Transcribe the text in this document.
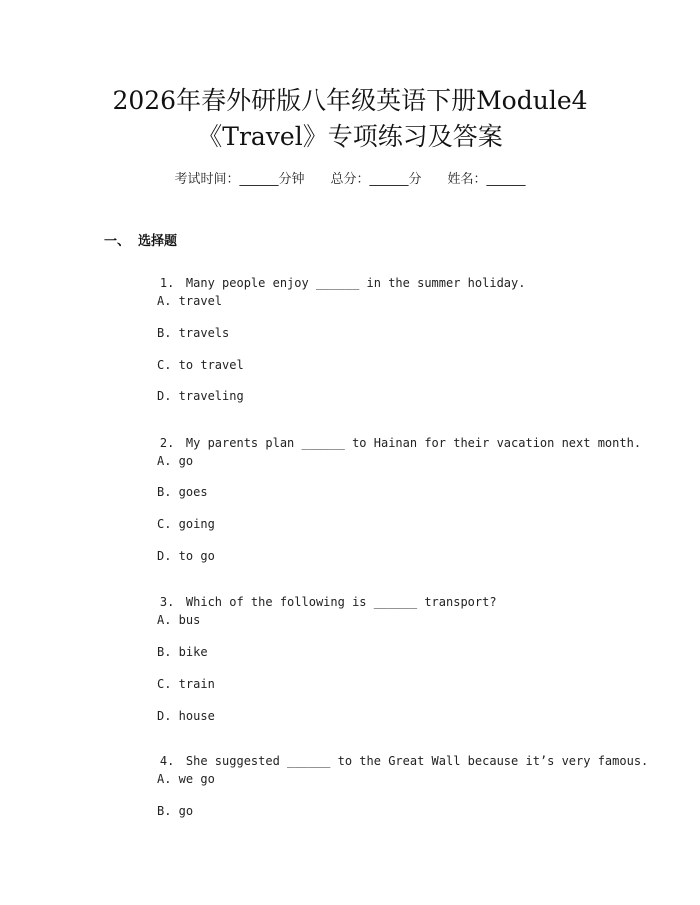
2026年春外研版八年级英语下册Module4
《Travel》专项练习及答案
考试时间：______分钟 总分：______分 姓名：______
一、 选择题

1. Many people enjoy ______ in the summer holiday.

A. travel
B. travels
C. to travel
D. traveling

2. My parents plan ______ to Hainan for their vacation next month.

A. go
B. goes
C. going
D. to go

3. Which of the following is ______ transport?

A. bus
B. bike
C. train
D. house

4. She suggested ______ to the Great Wall because it’s very famous.

A. we go
B. go
